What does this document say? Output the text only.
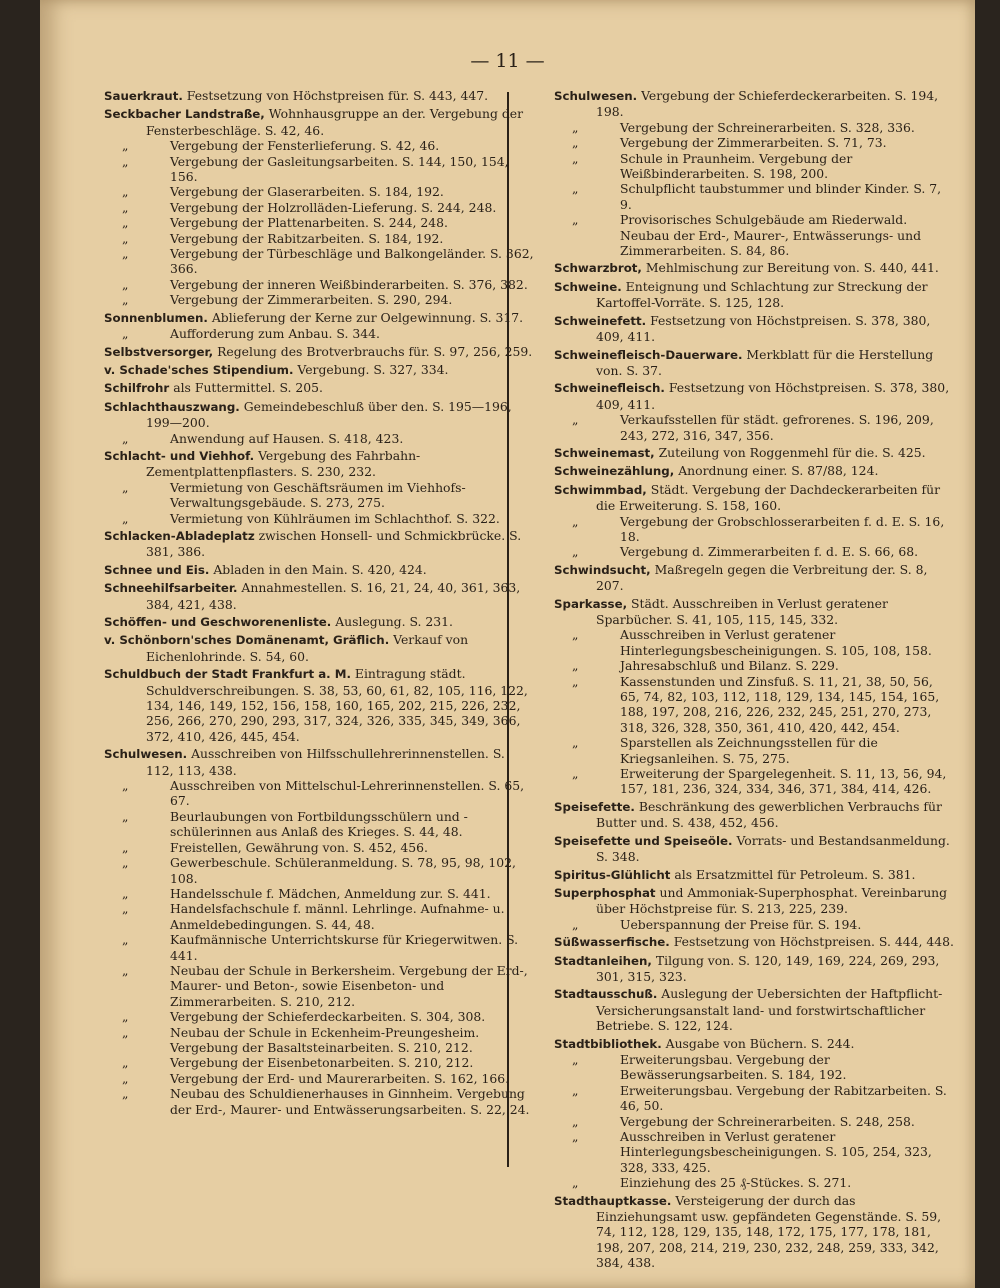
— 11 —

Sauerkraut. Festsetzung von Höchstpreisen für. S. 443, 447.

Seckbacher Landstraße, Wohnhausgruppe an der. Vergebung der Fensterbeschläge. S. 42, 46.

„	Vergebung der Fensterlieferung. S. 42, 46.

„	Vergebung der Gasleitungsarbeiten. S. 144, 150, 154, 156.

„	Vergebung der Glaserarbeiten. S. 184, 192.

„	Vergebung der Holzrolläden-Lieferung. S. 244, 248.

„	Vergebung der Plattenarbeiten. S. 244, 248.

„	Vergebung der Rabitzarbeiten. S. 184, 192.

„	Vergebung der Türbeschläge und Balkongeländer. S. 362, 366.

„	Vergebung der inneren Weißbinderarbeiten. S. 376, 382.

„	Vergebung der Zimmerarbeiten. S. 290, 294.

Sonnenblumen. Ablieferung der Kerne zur Oelgewinnung. S. 317.

„	Aufforderung zum Anbau. S. 344.

Selbstversorger, Regelung des Brotverbrauchs für. S. 97, 256, 259.

v. Schade'sches Stipendium. Vergebung. S. 327, 334.

Schilfrohr als Futtermittel. S. 205.

Schlachthauszwang. Gemeindebeschluß über den. S. 195—196, 199—200.

„	Anwendung auf Hausen. S. 418, 423.

Schlacht- und Viehhof. Vergebung des Fahrbahn-Zementplattenpflasters. S. 230, 232.

„	Vermietung von Geschäftsräumen im Viehhofs-Verwaltungsgebäude. S. 273, 275.

„	Vermietung von Kühlräumen im Schlachthof. S. 322.

Schlacken-Abladeplatz zwischen Honsell- und Schmickbrücke. S. 381, 386.

Schnee und Eis. Abladen in den Main. S. 420, 424.

Schneehilfsarbeiter. Annahmestellen. S. 16, 21, 24, 40, 361, 363, 384, 421, 438.

Schöffen- und Geschworenenliste. Auslegung. S. 231.

v. Schönborn'sches Domänenamt, Gräflich. Verkauf von Eichenlohrinde. S. 54, 60.

Schuldbuch der Stadt Frankfurt a. M. Eintragung städt. Schuldverschreibungen. S. 38, 53, 60, 61, 82, 105, 116, 122, 134, 146, 149, 152, 156, 158, 160, 165, 202, 215, 226, 232, 256, 266, 270, 290, 293, 317, 324, 326, 335, 345, 349, 366, 372, 410, 426, 445, 454.

Schulwesen. Ausschreiben von Hilfsschullehrerinnenstellen. S. 112, 113, 438.

„	Ausschreiben von Mittelschul-Lehrerinnenstellen. S. 65, 67.

„	Beurlaubungen von Fortbildungsschülern und -schülerinnen aus Anlaß des Krieges. S. 44, 48.

„	Freistellen, Gewährung von. S. 452, 456.

„	Gewerbeschule. Schüleranmeldung. S. 78, 95, 98, 102, 108.

„	Handelsschule f. Mädchen, Anmeldung zur. S. 441.

„	Handelsfachschule f. männl. Lehrlinge. Aufnahme- u. Anmeldebedingungen. S. 44, 48.

„	Kaufmännische Unterrichtskurse für Kriegerwitwen. S. 441.

„	Neubau der Schule in Berkersheim. Vergebung der Erd-, Maurer- und Beton-, sowie Eisenbeton- und Zimmerarbeiten. S. 210, 212.

„	Vergebung der Schieferdeckarbeiten. S. 304, 308.

„	Neubau der Schule in Eckenheim-Preungesheim. Vergebung der Basaltsteinarbeiten. S. 210, 212.

„	Vergebung der Eisenbetonarbeiten. S. 210, 212.

„	Vergebung der Erd- und Maurerarbeiten. S. 162, 166.

„	Neubau des Schuldienerhauses in Ginnheim. Vergebung der Erd-, Maurer- und Entwässerungsarbeiten. S. 22, 24.

Schulwesen. Vergebung der Schieferdeckerarbeiten. S. 194, 198.

„	Vergebung der Schreinerarbeiten. S. 328, 336.

„	Vergebung der Zimmerarbeiten. S. 71, 73.

„	Schule in Praunheim. Vergebung der Weißbinderarbeiten. S. 198, 200.

„	Schulpflicht taubstummer und blinder Kinder. S. 7, 9.

„	Provisorisches Schulgebäude am Riederwald. Neubau der Erd-, Maurer-, Entwässerungs- und Zimmerarbeiten. S. 84, 86.

Schwarzbrot, Mehlmischung zur Bereitung von. S. 440, 441.

Schweine. Enteignung und Schlachtung zur Streckung der Kartoffel-Vorräte. S. 125, 128.

Schweinefett. Festsetzung von Höchstpreisen. S. 378, 380, 409, 411.

Schweinefleisch-Dauerware. Merkblatt für die Herstellung von. S. 37.

Schweinefleisch. Festsetzung von Höchstpreisen. S. 378, 380, 409, 411.

„	Verkaufsstellen für städt. gefrorenes. S. 196, 209, 243, 272, 316, 347, 356.

Schweinemast, Zuteilung von Roggenmehl für die. S. 425.

Schweinezählung, Anordnung einer. S. 87/88, 124.

Schwimmbad, Städt. Vergebung der Dachdeckerarbeiten für die Erweiterung. S. 158, 160.

„	Vergebung der Grobschlosserarbeiten f. d. E. S. 16, 18.

„	Vergebung d. Zimmerarbeiten f. d. E. S. 66, 68.

Schwindsucht, Maßregeln gegen die Verbreitung der. S. 8, 207.

Sparkasse, Städt. Ausschreiben in Verlust geratener Sparbücher. S. 41, 105, 115, 145, 332.

„	Ausschreiben in Verlust geratener Hinterlegungsbescheinigungen. S. 105, 108, 158.

„	Jahresabschluß und Bilanz. S. 229.

„	Kassenstunden und Zinsfuß. S. 11, 21, 38, 50, 56, 65, 74, 82, 103, 112, 118, 129, 134, 145, 154, 165, 188, 197, 208, 216, 226, 232, 245, 251, 270, 273, 318, 326, 328, 350, 361, 410, 420, 442, 454.

„	Sparstellen als Zeichnungsstellen für die Kriegsanleihen. S. 75, 275.

„	Erweiterung der Spargelegenheit. S. 11, 13, 56, 94, 157, 181, 236, 324, 334, 346, 371, 384, 414, 426.

Speisefette. Beschränkung des gewerblichen Verbrauchs für Butter und. S. 438, 452, 456.

Speisefette und Speiseöle. Vorrats- und Bestandsanmeldung. S. 348.

Spiritus-Glühlicht als Ersatzmittel für Petroleum. S. 381.

Superphosphat und Ammoniak-Superphosphat. Vereinbarung über Höchstpreise für. S. 213, 225, 239.

„	Ueberspannung der Preise für. S. 194.

Süßwasserfische. Festsetzung von Höchstpreisen. S. 444, 448.

Stadtanleihen, Tilgung von. S. 120, 149, 169, 224, 269, 293, 301, 315, 323.

Stadtausschuß. Auslegung der Uebersichten der Haftpflicht-Versicherungsanstalt land- und forstwirtschaftlicher Betriebe. S. 122, 124.

Stadtbibliothek. Ausgabe von Büchern. S. 244.

„	Erweiterungsbau. Vergebung der Bewässerungsarbeiten. S. 184, 192.

„	Erweiterungsbau. Vergebung der Rabitzarbeiten. S. 46, 50.

„	Vergebung der Schreinerarbeiten. S. 248, 258.

„	Ausschreiben in Verlust geratener Hinterlegungsbescheinigungen. S. 105, 254, 323, 328, 333, 425.

„	Einziehung des 25 ₰-Stückes. S. 271.

Stadthauptkasse. Versteigerung der durch das Einziehungsamt usw. gepfändeten Gegenstände. S. 59, 74, 112, 128, 129, 135, 148, 172, 175, 177, 178, 181, 198, 207, 208, 214, 219, 230, 232, 248, 259, 333, 342, 384, 438.
